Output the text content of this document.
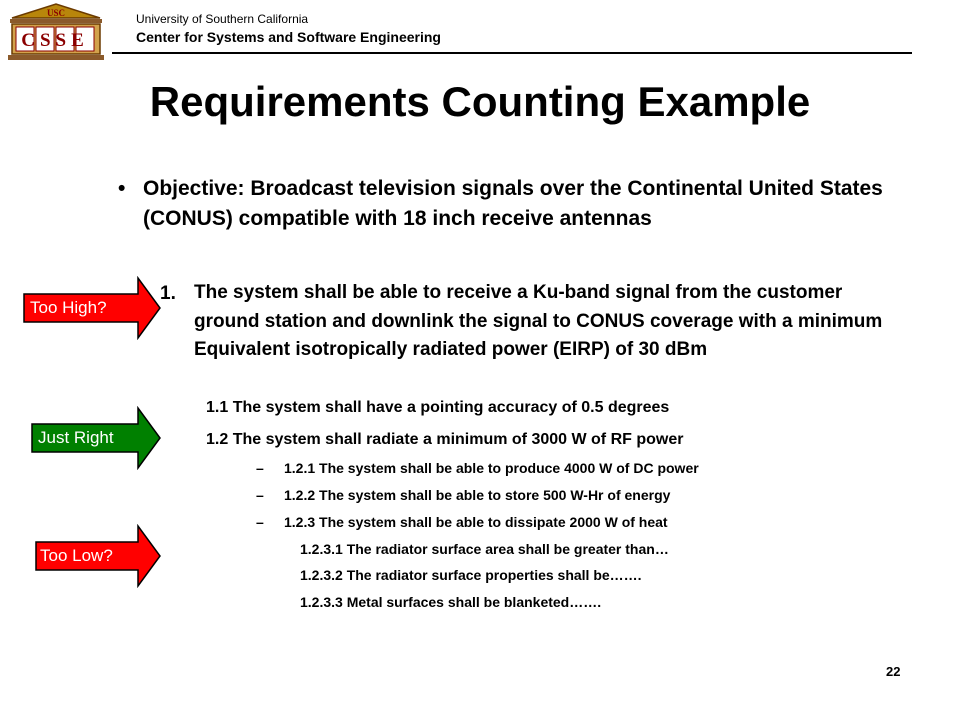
USC
CSSE
University of Southern California
Center for Systems and Software Engineering
Requirements Counting Example
• Objective: Broadcast television signals over the Continental United States (CONUS) compatible with 18 inch receive antennas
1. The system shall be able to receive a Ku-band signal from the customer ground station and downlink the signal to CONUS coverage with a minimum Equivalent isotropically radiated power (EIRP) of 30 dBm
1.1 The system shall have a pointing accuracy of 0.5 degrees
1.2 The system shall radiate a minimum of 3000 W of RF power
– 1.2.1 The system shall be able to produce 4000 W of DC power
– 1.2.2 The system shall be able to store 500 W-Hr of energy
– 1.2.3 The system shall be able to dissipate 2000 W of heat
1.2.3.1 The radiator surface area shall be greater than…
1.2.3.2 The radiator surface properties shall be…….
1.2.3.3 Metal surfaces shall be blanketed…….
Too High?
Just Right
Too Low?
22
